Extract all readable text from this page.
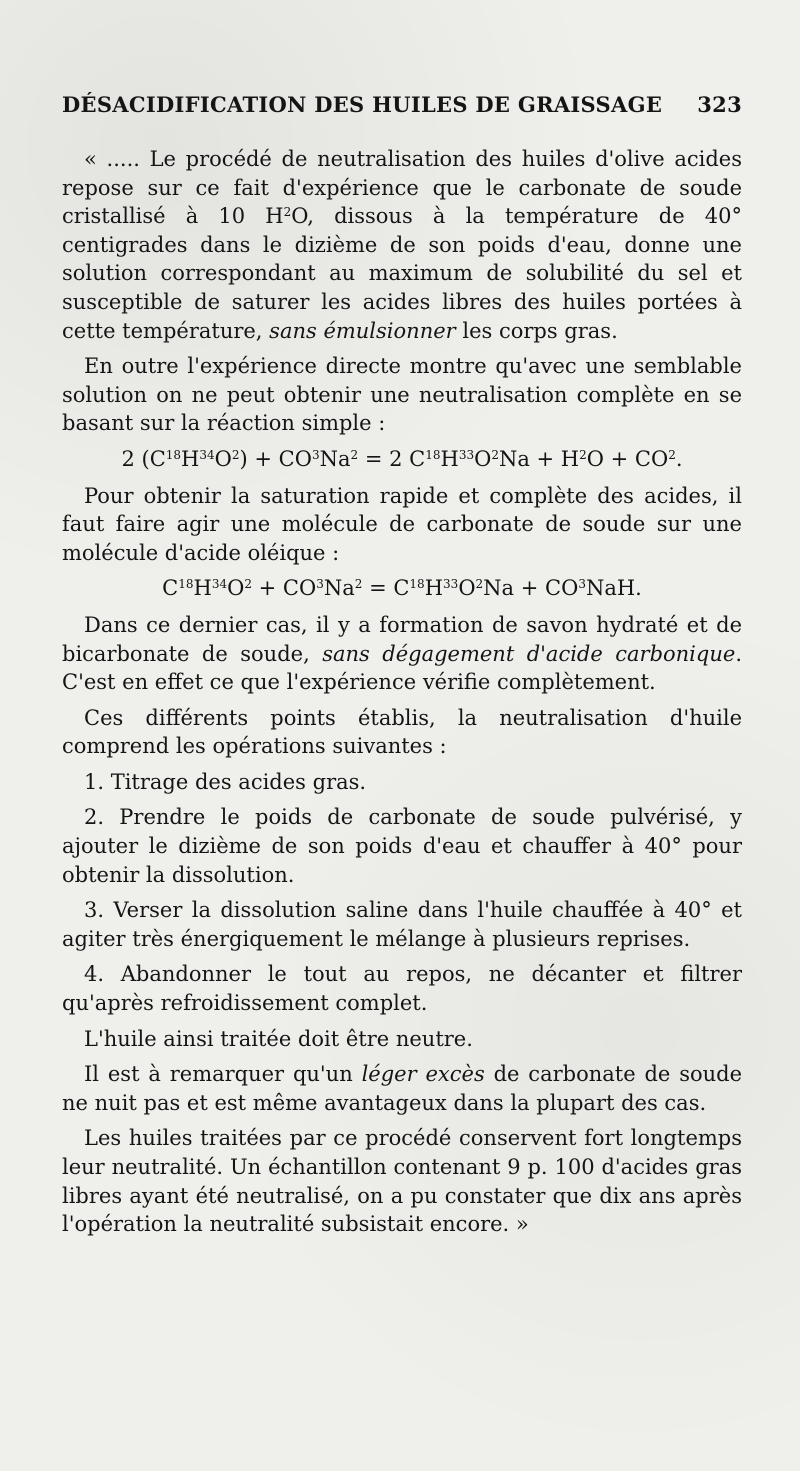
DÉSACIDIFICATION DES HUILES DE GRAISSAGE 323

« ..... Le procédé de neutralisation des huiles d'olive acides repose sur ce fait d'expérience que le carbonate de soude cristallisé à 10 $H^2O$, dissous à la température de 40° centigrades dans le dizième de son poids d'eau, donne une solution correspondant au maximum de solubilité du sel et susceptible de saturer les acides libres des huiles portées à cette température, sans émulsionner les corps gras.

En outre l'expérience directe montre qu'avec une semblable solution on ne peut obtenir une neutralisation complète en se basant sur la réaction simple :

2 $(C^{18}H^{34}O^2) + CO^3Na^2 = 2$ $C^{18}H^{33}O^2Na + H^2O + CO^2$.

Pour obtenir la saturation rapide et complète des acides, il faut faire agir une molécule de carbonate de soude sur une molécule d'acide oléique :

$C^{18}H^{34}O^2 + CO^3Na^2 = C^{18}H^{33}O^2Na + CO^3NaH$.

Dans ce dernier cas, il y a formation de savon hydraté et de bicarbonate de soude, sans dégagement d'acide carbonique. C'est en effet ce que l'expérience vérifie complètement.

Ces différents points établis, la neutralisation d'huile comprend les opérations suivantes :

1. Titrage des acides gras.

2. Prendre le poids de carbonate de soude pulvérisé, y ajouter le dizième de son poids d'eau et chauffer à 40° pour obtenir la dissolution.

3. Verser la dissolution saline dans l'huile chauffée à 40° et agiter très énergiquement le mélange à plusieurs reprises.

4. Abandonner le tout au repos, ne décanter et filtrer qu'après refroidissement complet.

L'huile ainsi traitée doit être neutre.

Il est à remarquer qu'un léger excès de carbonate de soude ne nuit pas et est même avantageux dans la plupart des cas.

Les huiles traitées par ce procédé conservent fort longtemps leur neutralité. Un échantillon contenant 9 p. 100 d'acides gras libres ayant été neutralisé, on a pu constater que dix ans après l'opération la neutralité subsistait encore. »
